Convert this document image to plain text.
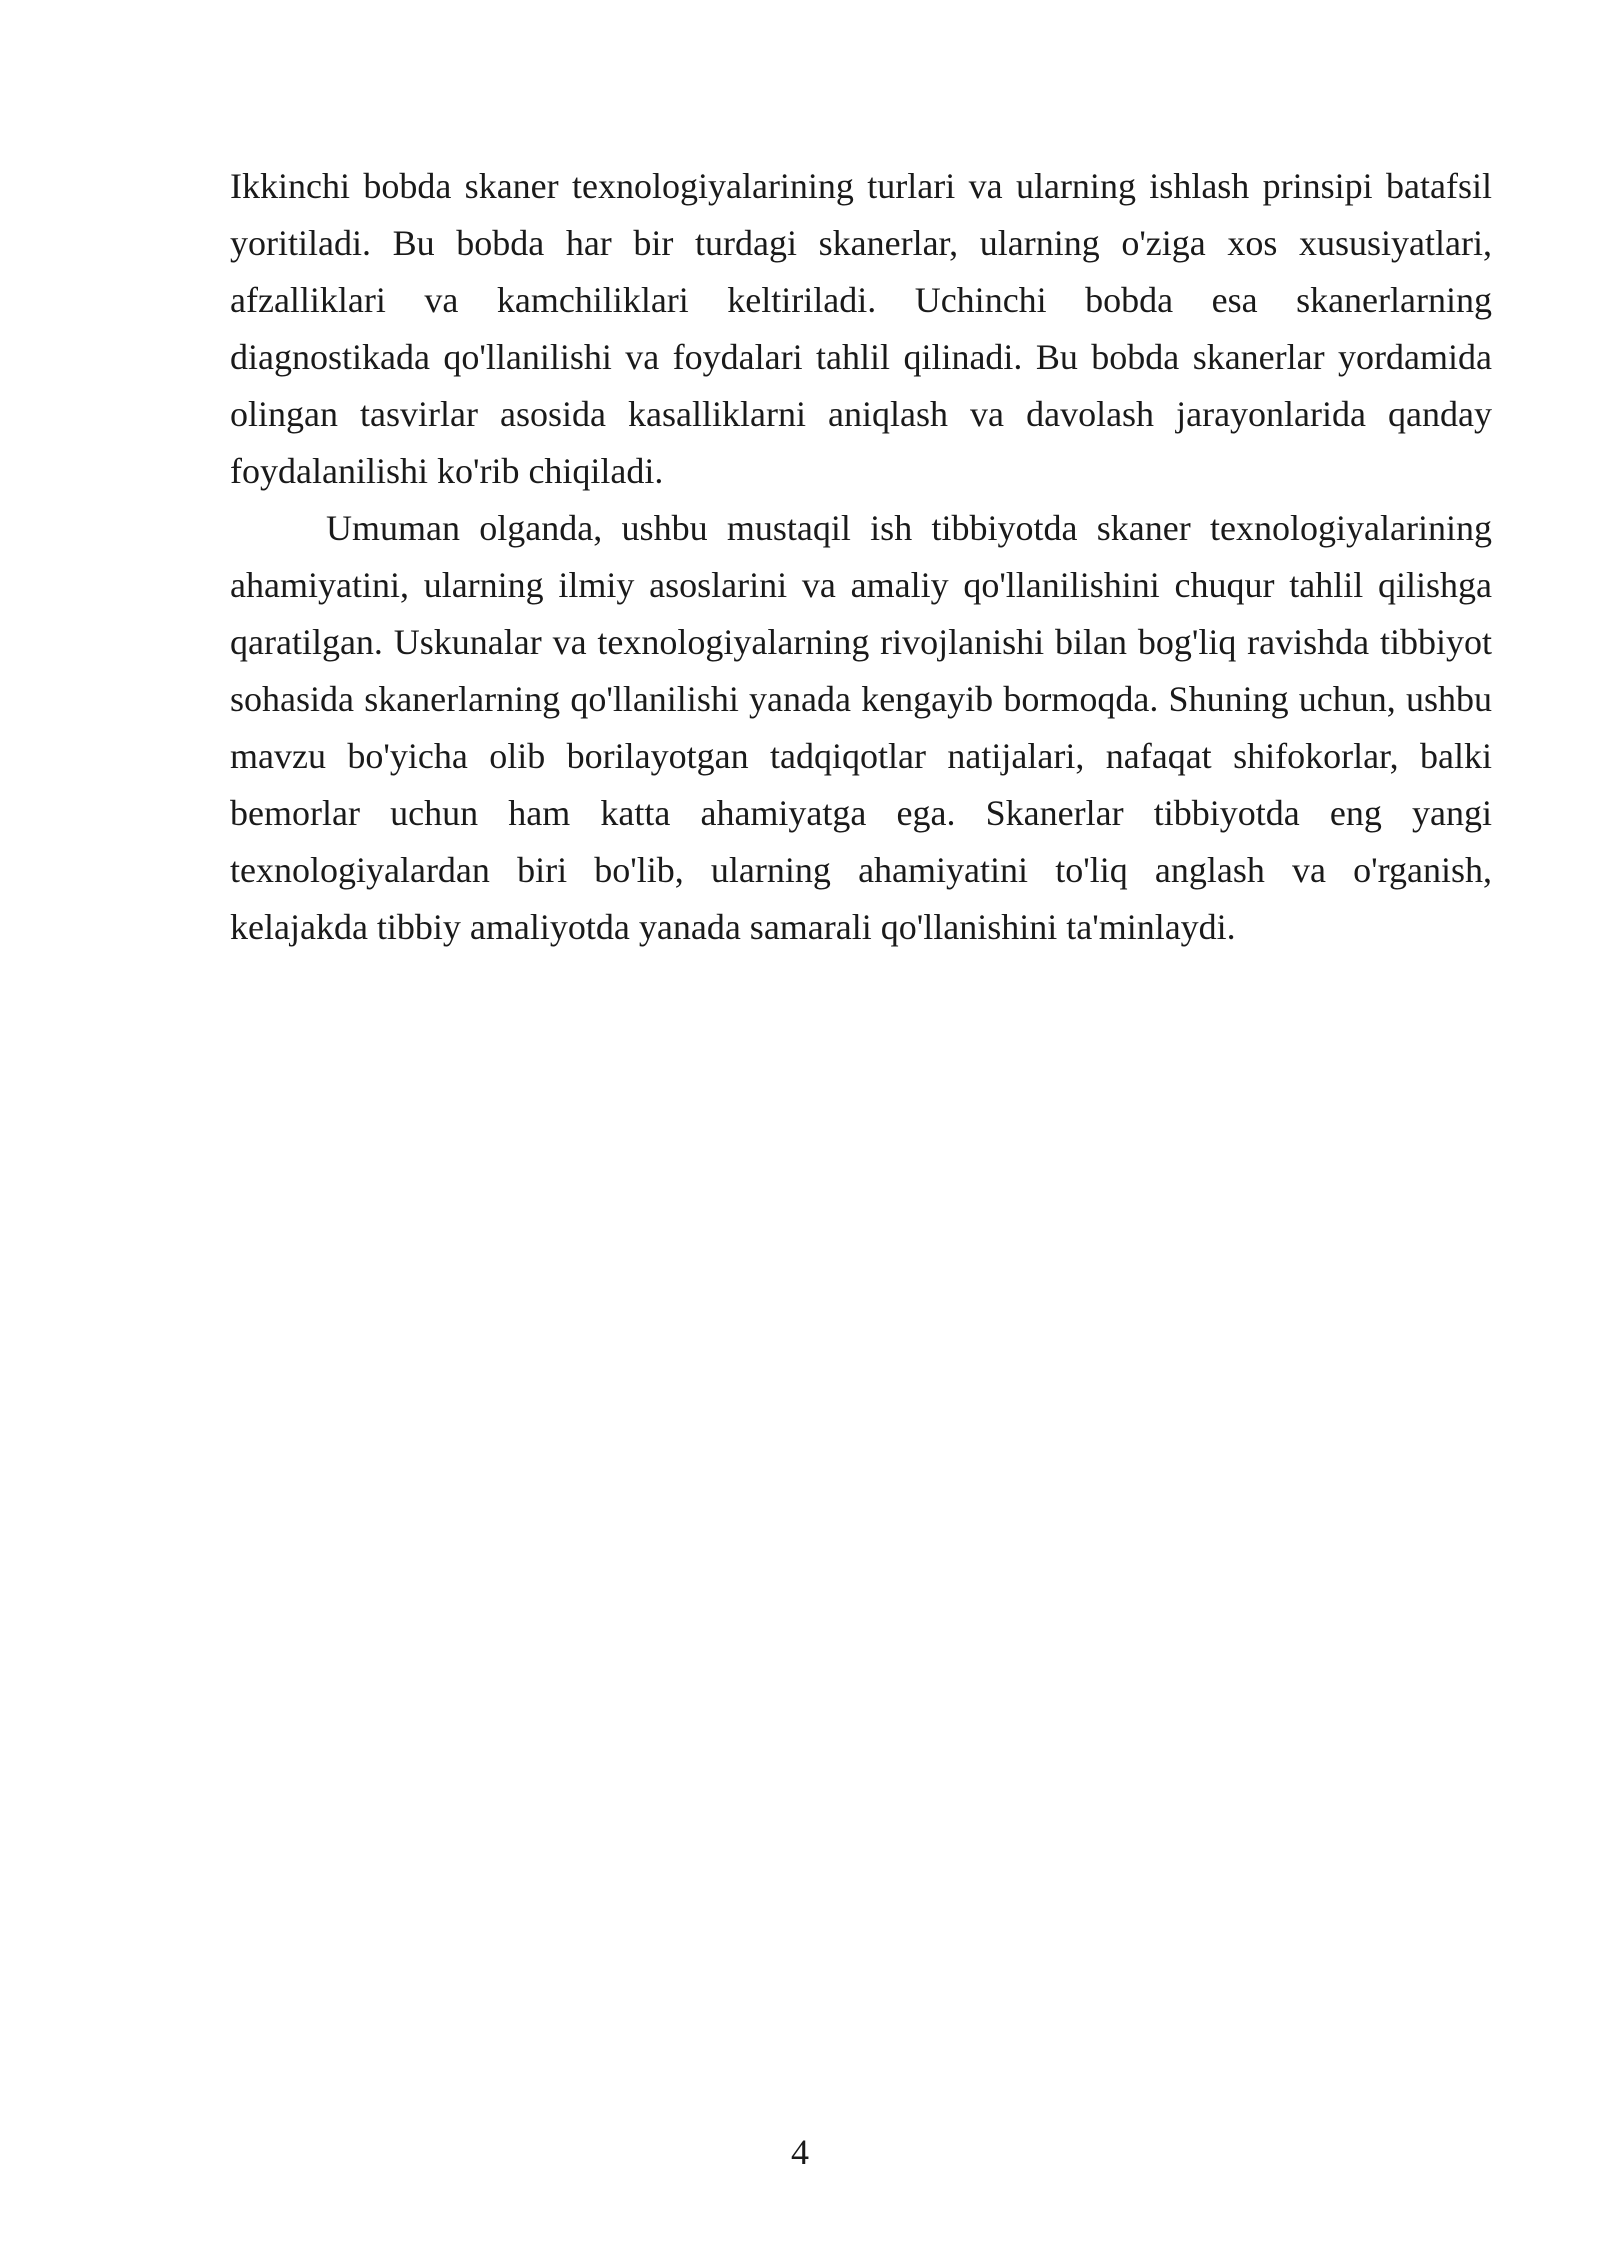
Ikkinchi bobda skaner texnologiyalarining turlari va ularning ishlash prinsipi batafsil yoritiladi. Bu bobda har bir turdagi skanerlar, ularning o'ziga xos xususiyatlari, afzalliklari va kamchiliklari keltiriladi. Uchinchi bobda esa skanerlarning diagnostikada qo'llanilishi va foydalari tahlil qilinadi. Bu bobda skanerlar yordamida olingan tasvirlar asosida kasalliklarni aniqlash va davolash jarayonlarida qanday foydalanilishi ko'rib chiqiladi.

Umuman olganda, ushbu mustaqil ish tibbiyotda skaner texnologiyalarining ahamiyatini, ularning ilmiy asoslarini va amaliy qo'llanilishini chuqur tahlil qilishga qaratilgan. Uskunalar va texnologiyalarning rivojlanishi bilan bog'liq ravishda tibbiyot sohasida skanerlarning qo'llanilishi yanada kengayib bormoqda. Shuning uchun, ushbu mavzu bo'yicha olib borilayotgan tadqiqotlar natijalari, nafaqat shifokorlar, balki bemorlar uchun ham katta ahamiyatga ega. Skanerlar tibbiyotda eng yangi texnologiyalardan biri bo'lib, ularning ahamiyatini to'liq anglash va o'rganish, kelajakda tibbiy amaliyotda yanada samarali qo'llanishini ta'minlaydi.

4
